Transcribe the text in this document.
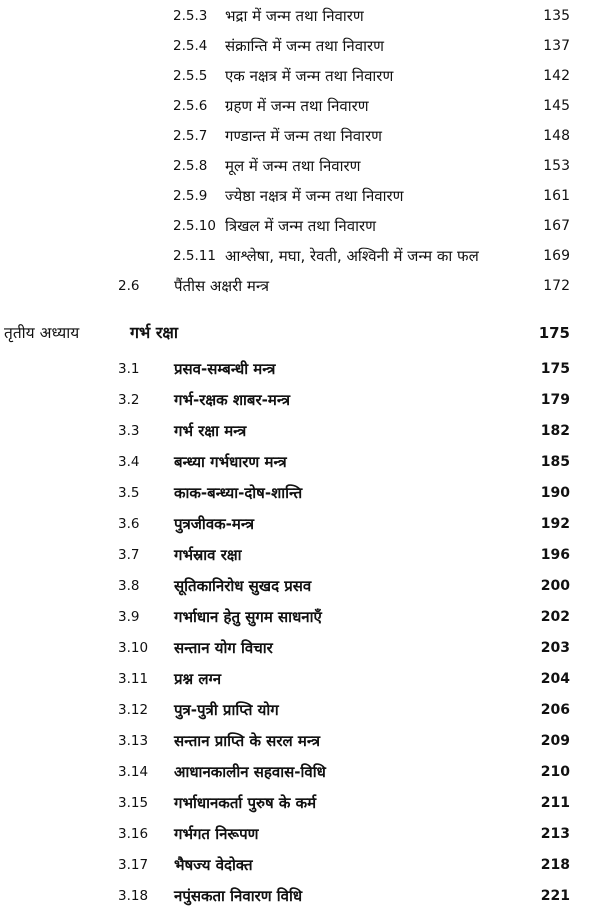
2.5.3 भद्रा में जन्म तथा निवारण	135
2.5.4 संक्रान्ति में जन्म तथा निवारण	137
2.5.5 एक नक्षत्र में जन्म तथा निवारण	142
2.5.6 ग्रहण में जन्म तथा निवारण	145
2.5.7 गण्डान्त में जन्म तथा निवारण	148
2.5.8 मूल में जन्म तथा निवारण	153
2.5.9 ज्येष्ठा नक्षत्र में जन्म तथा निवारण	161
2.5.10 त्रिखल में जन्म तथा निवारण	167
2.5.11 आश्लेषा, मघा, रेवती, अश्विनी में जन्म का फल	169
2.6 पैंतीस अक्षरी मन्त्र	172
तृतीय अध्याय	गर्भ रक्षा	175
3.1 प्रसव-सम्बन्धी मन्त्र	175
3.2 गर्भ-रक्षक शाबर-मन्त्र	179
3.3 गर्भ रक्षा मन्त्र	182
3.4 बन्ध्या गर्भधारण मन्त्र	185
3.5 काक-बन्ध्या-दोष-शान्ति	190
3.6 पुत्रजीवक-मन्त्र	192
3.7 गर्भस्राव रक्षा	196
3.8 सूतिकानिरोध सुखद प्रसव	200
3.9 गर्भाधान हेतु सुगम साधनाएँ	202
3.10 सन्तान योग विचार	203
3.11 प्रश्न लग्न	204
3.12 पुत्र-पुत्री प्राप्ति योग	206
3.13 सन्तान प्राप्ति के सरल मन्त्र	209
3.14 आधानकालीन सहवास-विधि	210
3.15 गर्भाधानकर्ता पुरुष के कर्म	211
3.16 गर्भगत निरूपण	213
3.17 भैषज्य वेदोक्त	218
3.18 नपुंसकता निवारण विधि	221
